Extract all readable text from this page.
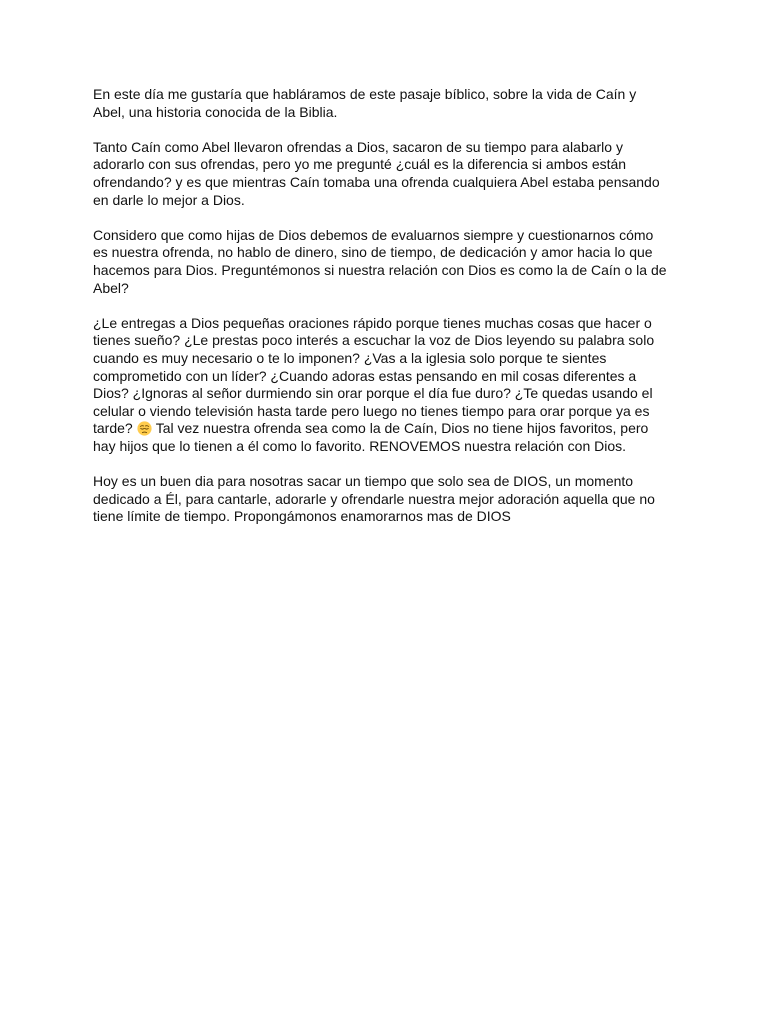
En este día me gustaría que habláramos de este pasaje bíblico, sobre la vida de Caín y
Abel, una historia conocida de la Biblia.
Tanto Caín como Abel llevaron ofrendas a Dios, sacaron de su tiempo para alabarlo y
adorarlo con sus ofrendas, pero yo me pregunté ¿cuál es la diferencia si ambos están
ofrendando? y es que mientras Caín tomaba una ofrenda cualquiera Abel estaba pensando
en darle lo mejor a Dios.
Considero que como hijas de Dios debemos de evaluarnos siempre y cuestionarnos cómo
es nuestra ofrenda, no hablo de dinero, sino de tiempo, de dedicación y amor hacia lo que
hacemos para Dios. Preguntémonos si nuestra relación con Dios es como la de Caín o la de
Abel?
¿Le entregas a Dios pequeñas oraciones rápido porque tienes muchas cosas que hacer o
tienes sueño? ¿Le prestas poco interés a escuchar la voz de Dios leyendo su palabra solo
cuando es muy necesario o te lo imponen? ¿Vas a la iglesia solo porque te sientes
comprometido con un líder? ¿Cuando adoras estas pensando en mil cosas diferentes a
Dios? ¿Ignoras al señor durmiendo sin orar porque el día fue duro? ¿Te quedas usando el
celular o viendo televisión hasta tarde pero luego no tienes tiempo para orar porque ya es
tarde? Tal vez nuestra ofrenda sea como la de Caín, Dios no tiene hijos favoritos, pero
hay hijos que lo tienen a él como lo favorito. RENOVEMOS nuestra relación con Dios.
Hoy es un buen dia para nosotras sacar un tiempo que solo sea de DIOS, un momento
dedicado a Él, para cantarle, adorarle y ofrendarle nuestra mejor adoración aquella que no
tiene límite de tiempo. Propongámonos enamorarnos mas de DIOS
